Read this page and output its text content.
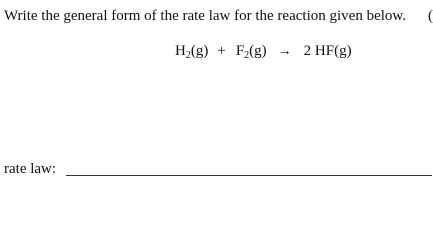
Write the general form of the rate law for the reaction given below. (
$H_2(g) + F_2(g) \to 2$ HF(g)
rate law:
